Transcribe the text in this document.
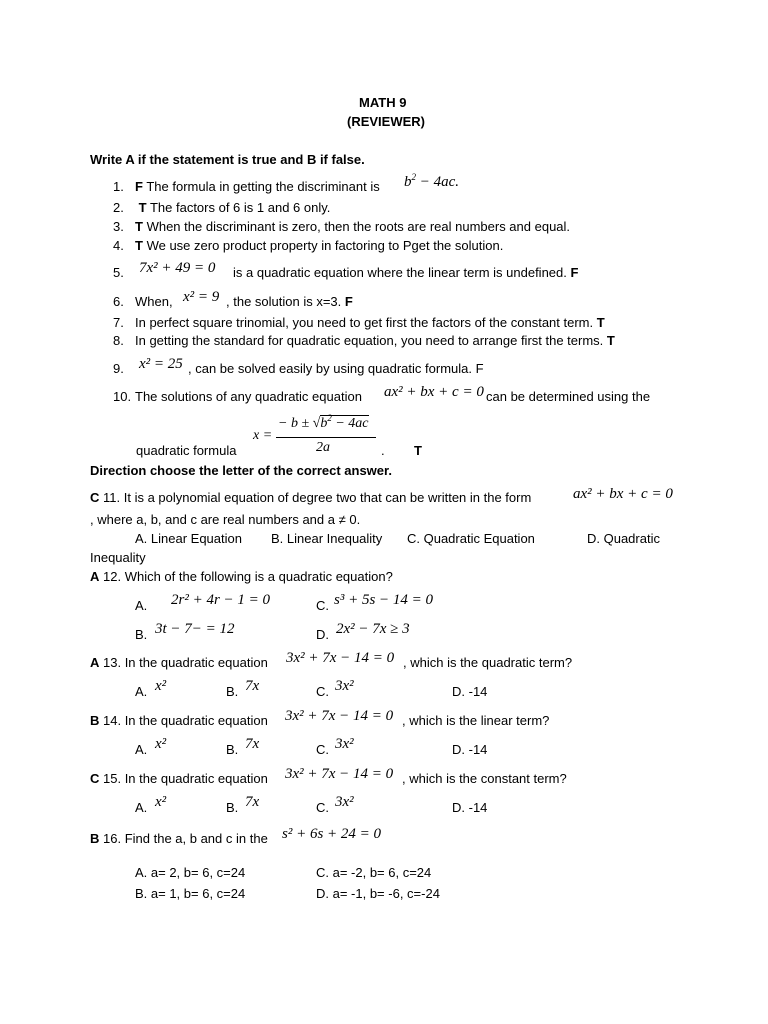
MATH 9
(REVIEWER)
Write A if the statement is true and B if false.
1. F The formula in getting the discriminant is $b^2 - 4ac$.
2. T The factors of 6 is 1 and 6 only.
3. T When the discriminant is zero, then the roots are real numbers and equal.
4. T We use zero product property in factoring to Pget the solution.
5.	7x² + 49 = 0 is a quadratic equation where the linear term is undefined. F
6. When, x² = 9 , the solution is x=3. F
7. In perfect square trinomial, you need to get first the factors of the constant term. T
8. In getting the standard for quadratic equation, you need to arrange first the terms. T
9.	x² = 25 , can be solved easily by using quadratic formula. F
10. The solutions of any quadratic equation ax² + bx + c = 0 can be determined using the
quadratic formula
x =
− $b \pm √b^2 - 4ac$
2a	. T
Direction choose the letter of the correct answer.
C 11. It is a polynomial equation of degree two that can be written in the form	ax² + bx + c = 0
, where a, b, and c are real numbers and a ≠ 0.
A. Linear Equation B. Linear Inequality C. Quadratic Equation	D. Quadratic
Inequality
A 12. Which of the following is a quadratic equation?
A. 2r² + 4r − 1 = 0	C. s³ + 5s − 14 = 0
B. 3t − 7− = 12	D. 2x² − 7x ≥ 3
A 13. In the quadratic equation 3x² + 7x − 14 = 0 , which is the quadratic term?
A. x²	B. 7x	C. 3x²	D. -14
B 14. In the quadratic equation 3x² + 7x − 14 = 0 , which is the linear term?
A. x²	B. 7x	C. 3x²	D. -14
C 15. In the quadratic equation 3x² + 7x − 14 = 0 , which is the constant term?
A. x²	B. 7x	C. 3x²	D. -14
B 16. Find the a, b and c in the s² + 6s + 24 = 0
A. a= 2, b= 6, c=24	C. a= -2, b= 6, c=24
B. a= 1, b= 6, c=24	D. a= -1, b= -6, c=-24
